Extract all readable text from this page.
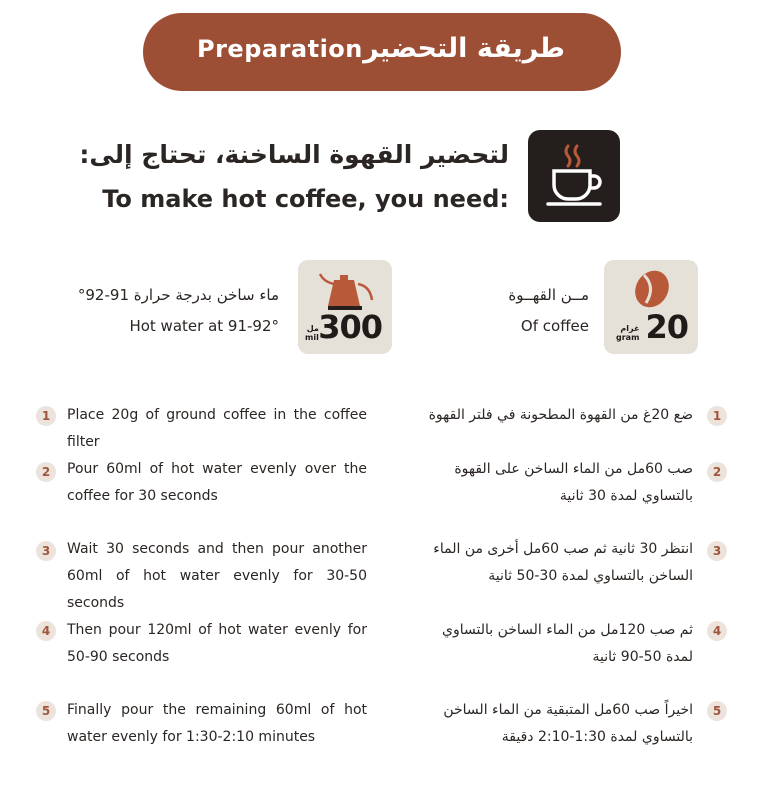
Preparation طريقة التحضير
لتحضير القهوة الساخنة، تحتاج إلى:
To make hot coffee, you need:
مل
mil 300
ماء ساخن بدرجة حرارة 91-92°
Hot water at 91-92°	غرام
gram 20
مــن القهــوة
Of coffee
1	Place 20g of ground coffee in the coffee filter
1
ضع 20غ من القهوة المطحونة في فلتر القهوة
2	Pour 60ml of hot water evenly over the coffee for 30 seconds
2
صب 60مل من الماء الساخن على القهوة بالتساوي لمدة 30 ثانية
3	Wait 30 seconds and then pour another 60ml of hot water evenly for 30-50 seconds
3
انتظر 30 ثانية ثم صب 60مل أخرى من الماء الساخن بالتساوي لمدة 30-50 ثانية
4	Then pour 120ml of hot water evenly for 50-90 seconds
4
ثم صب 120مل من الماء الساخن بالتساوي لمدة 50-90 ثانية
5	Finally pour the remaining 60ml of hot water evenly for 1:30-2:10 minutes
5
اخيراً صب 60مل المتبقية من الماء الساخن بالتساوي لمدة 1:30-2:10 دقيقة
